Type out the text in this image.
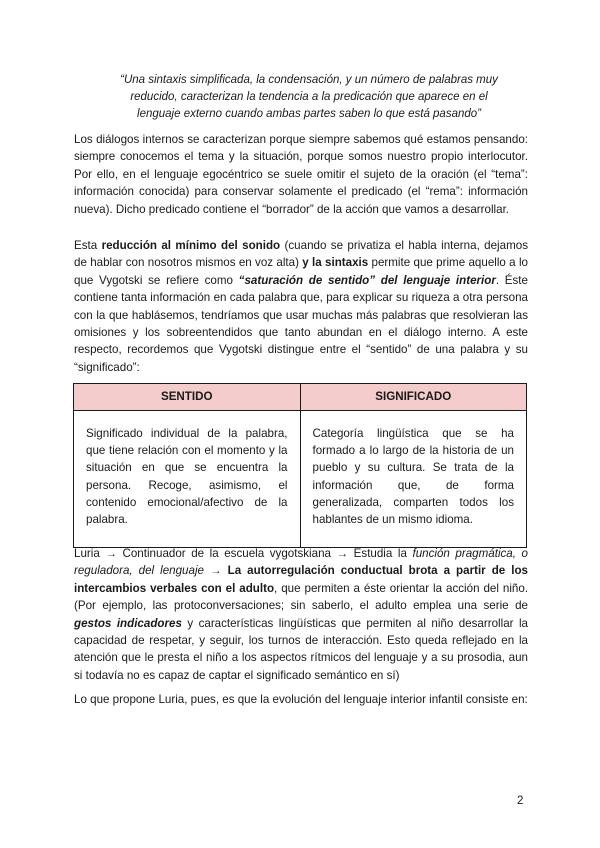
“Una sintaxis simplificada, la condensación, y un número de palabras muy reducido, caracterizan la tendencia a la predicación que aparece en el lenguaje externo cuando ambas partes saben lo que está pasando”

Los diálogos internos se caracterizan porque siempre sabemos qué estamos pensando: siempre conocemos el tema y la situación, porque somos nuestro propio interlocutor. Por ello, en el lenguaje egocéntrico se suele omitir el sujeto de la oración (el “tema”: información conocida) para conservar solamente el predicado (el “rema”: información nueva). Dicho predicado contiene el “borrador” de la acción que vamos a desarrollar.

Esta reducción al mínimo del sonido (cuando se privatiza el habla interna, dejamos de hablar con nosotros mismos en voz alta) y la sintaxis permite que prime aquello a lo que Vygotski se refiere como “saturación de sentido” del lenguaje interior. Éste contiene tanta información en cada palabra que, para explicar su riqueza a otra persona con la que hablásemos, tendríamos que usar muchas más palabras que resolvieran las omisiones y los sobreentendidos que tanto abundan en el diálogo interno. A este respecto, recordemos que Vygotski distingue entre el “sentido” de una palabra y su “significado”:

SENTIDO	SIGNIFICADO
Significado individual de la palabra, que tiene relación con el momento y la situación en que se encuentra la persona. Recoge, asimismo, el contenido emocional/afectivo de la palabra.	Categoría lingüística que se ha formado a lo largo de la historia de un pueblo y su cultura. Se trata de la información que, de forma generalizada, comparten todos los hablantes de un mismo idioma.

Luria → Continuador de la escuela vygotskiana → Estudia la función pragmática, o reguladora, del lenguaje → La autorregulación conductual brota a partir de los intercambios verbales con el adulto, que permiten a éste orientar la acción del niño. (Por ejemplo, las protoconversaciones; sin saberlo, el adulto emplea una serie de gestos indicadores y características lingüísticas que permiten al niño desarrollar la capacidad de respetar, y seguir, los turnos de interacción. Esto queda reflejado en la atención que le presta el niño a los aspectos rítmicos del lenguaje y a su prosodia, aun si todavía no es capaz de captar el significado semántico en sí)

Lo que propone Luria, pues, es que la evolución del lenguaje interior infantil consiste en:

2
